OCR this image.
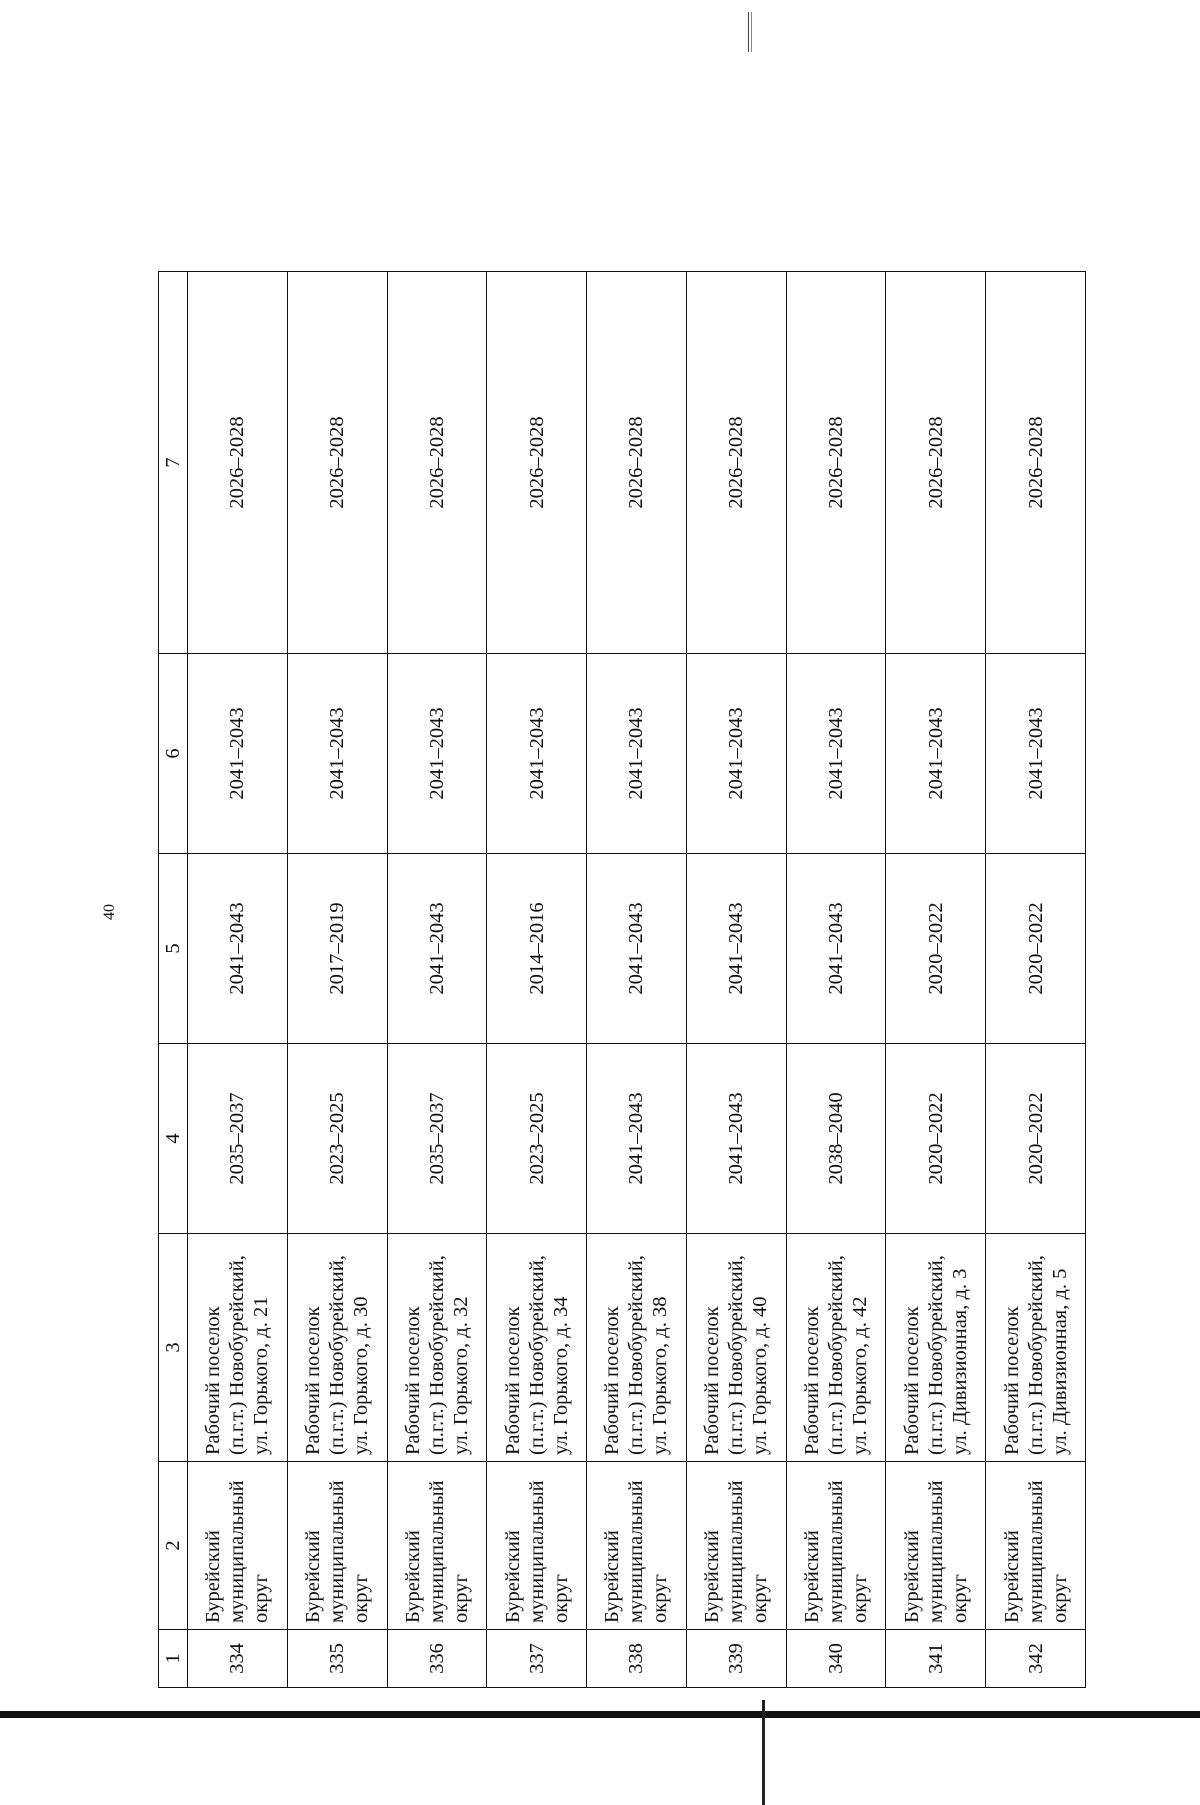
40
1	2	3	4	5	6	7
334	Бурейский муниципальный округ	Рабочий поселок (п.г.т.) Новобурейский, ул. Горького, д. 21	2035–2037	2041–2043	2041–2043	2026–2028
335	Бурейский муниципальный округ	Рабочий поселок (п.г.т.) Новобурейский, ул. Горького, д. 30	2023–2025	2017–2019	2041–2043	2026–2028
336	Бурейский муниципальный округ	Рабочий поселок (п.г.т.) Новобурейский, ул. Горького, д. 32	2035–2037	2041–2043	2041–2043	2026–2028
337	Бурейский муниципальный округ	Рабочий поселок (п.г.т.) Новобурейский, ул. Горького, д. 34	2023–2025	2014–2016	2041–2043	2026–2028
338	Бурейский муниципальный округ	Рабочий поселок (п.г.т.) Новобурейский, ул. Горького, д. 38	2041–2043	2041–2043	2041–2043	2026–2028
339	Бурейский муниципальный округ	Рабочий поселок (п.г.т.) Новобурейский, ул. Горького, д. 40	2041–2043	2041–2043	2041–2043	2026–2028
340	Бурейский муниципальный округ	Рабочий поселок (п.г.т.) Новобурейский, ул. Горького, д. 42	2038–2040	2041–2043	2041–2043	2026–2028
341	Бурейский муниципальный округ	Рабочий поселок (п.г.т.) Новобурейский, ул. Дивизионная, д. 3	2020–2022	2020–2022	2041–2043	2026–2028
342	Бурейский муниципальный округ	Рабочий поселок (п.г.т.) Новобурейский, ул. Дивизионная, д. 5	2020–2022	2020–2022	2041–2043	2026–2028
